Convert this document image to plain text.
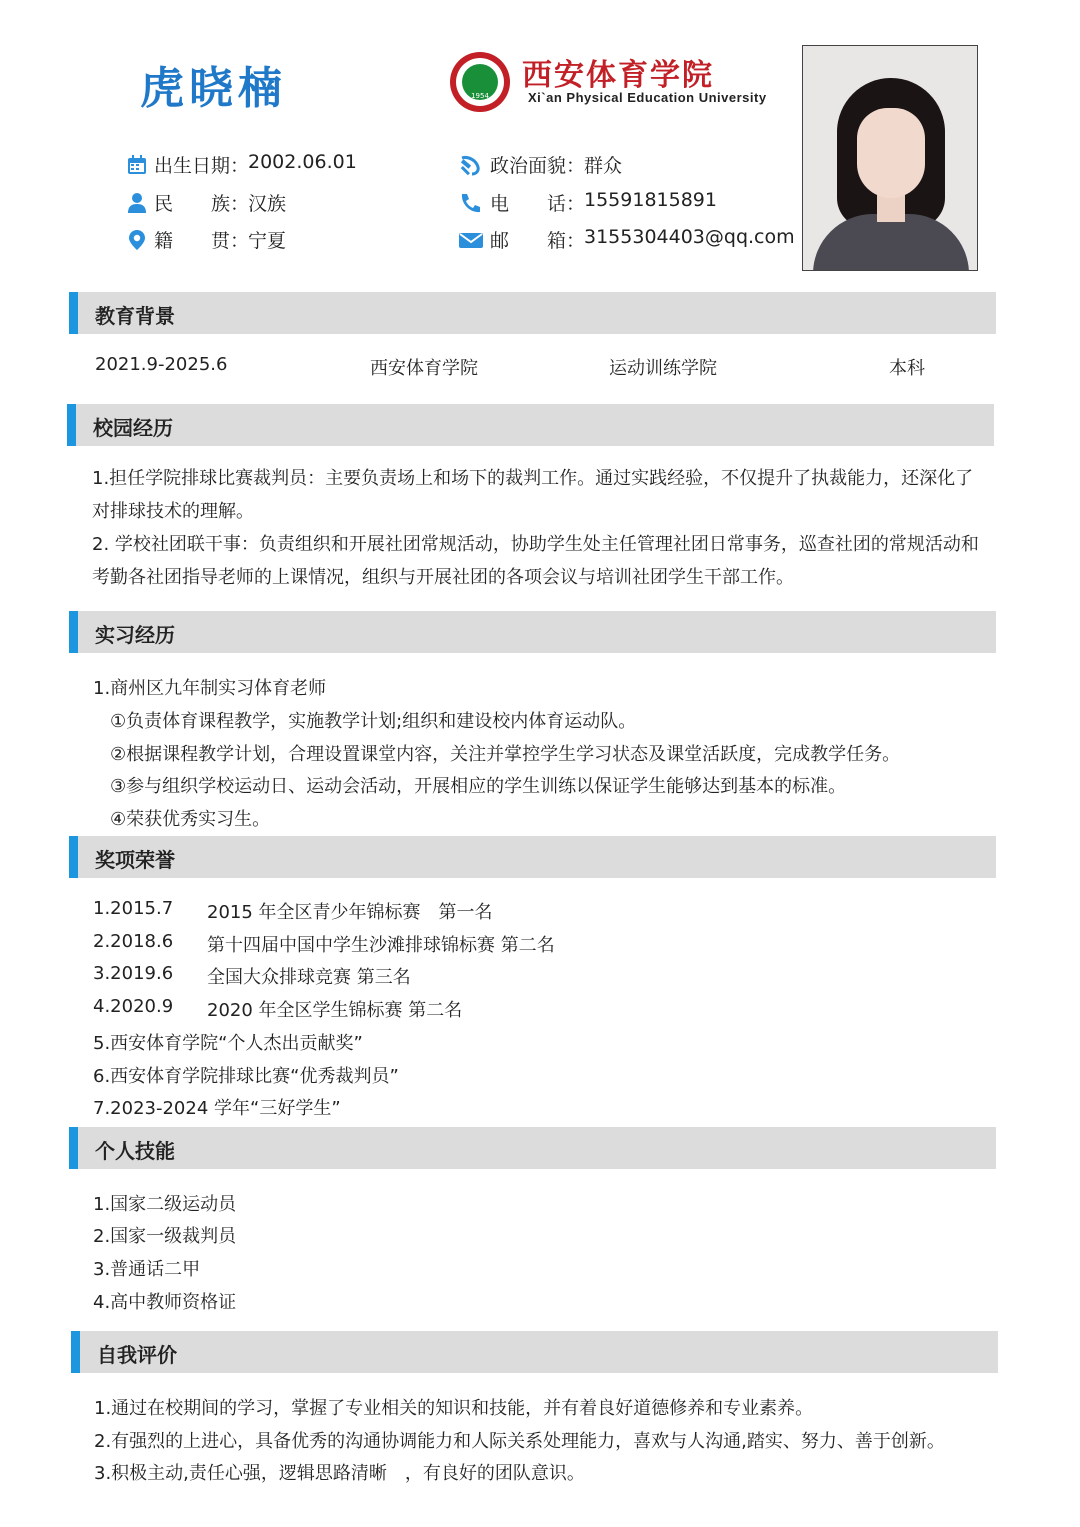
虎晓楠	1954
西安体育学院
Xi`an Physical Education University
出生日期 ：
2002.06.01
民　　族 ：
汉族
籍　　贯 ：
宁夏
政治面貌 ：
群众
电　　话 ：
15591815891
邮　　箱 ：
3155304403@qq.com
教育背景
2021.9-2025.6	西安体育学院	运动训练学院	本科
校园经历
1.担任学院排球比赛裁判员：主要负责场上和场下的裁判工作。通过实践经验，不仅提升了执裁能力，还深化了对排球技术的理解。
2. 学校社团联干事：负责组织和开展社团常规活动，协助学生处主任管理社团日常事务，巡查社团的常规活动和考勤各社团指导老师的上课情况，组织与开展社团的各项会议与培训社团学生干部工作。
实习经历
1.商州区九年制实习体育老师
①负责体育课程教学，实施教学计划;组织和建设校内体育运动队。
②根据课程教学计划，合理设置课堂内容，关注并掌控学生学习状态及课堂活跃度，完成教学任务。
③参与组织学校运动日、运动会活动，开展相应的学生训练以保证学生能够达到基本的标准。
④荣获优秀实习生。
奖项荣誉
1.2015.7 2015 年全区青少年锦标赛　第一名
2.2018.6 第十四届中国中学生沙滩排球锦标赛 第二名
3.2019.6 全国大众排球竞赛 第三名
4.2020.9 2020 年全区学生锦标赛 第二名
5.西安体育学院“个人杰出贡献奖”
6.西安体育学院排球比赛“优秀裁判员”
7.2023-2024 学年“三好学生”
个人技能
1.国家二级运动员
2.国家一级裁判员
3.普通话二甲
4.高中教师资格证
自我评价
1.通过在校期间的学习，掌握了专业相关的知识和技能，并有着良好道德修养和专业素养。
2.有强烈的上进心，具备优秀的沟通协调能力和人际关系处理能力，喜欢与人沟通,踏实、努力、善于创新。
3.积极主动,责任心强，逻辑思路清晰　，有良好的团队意识。
